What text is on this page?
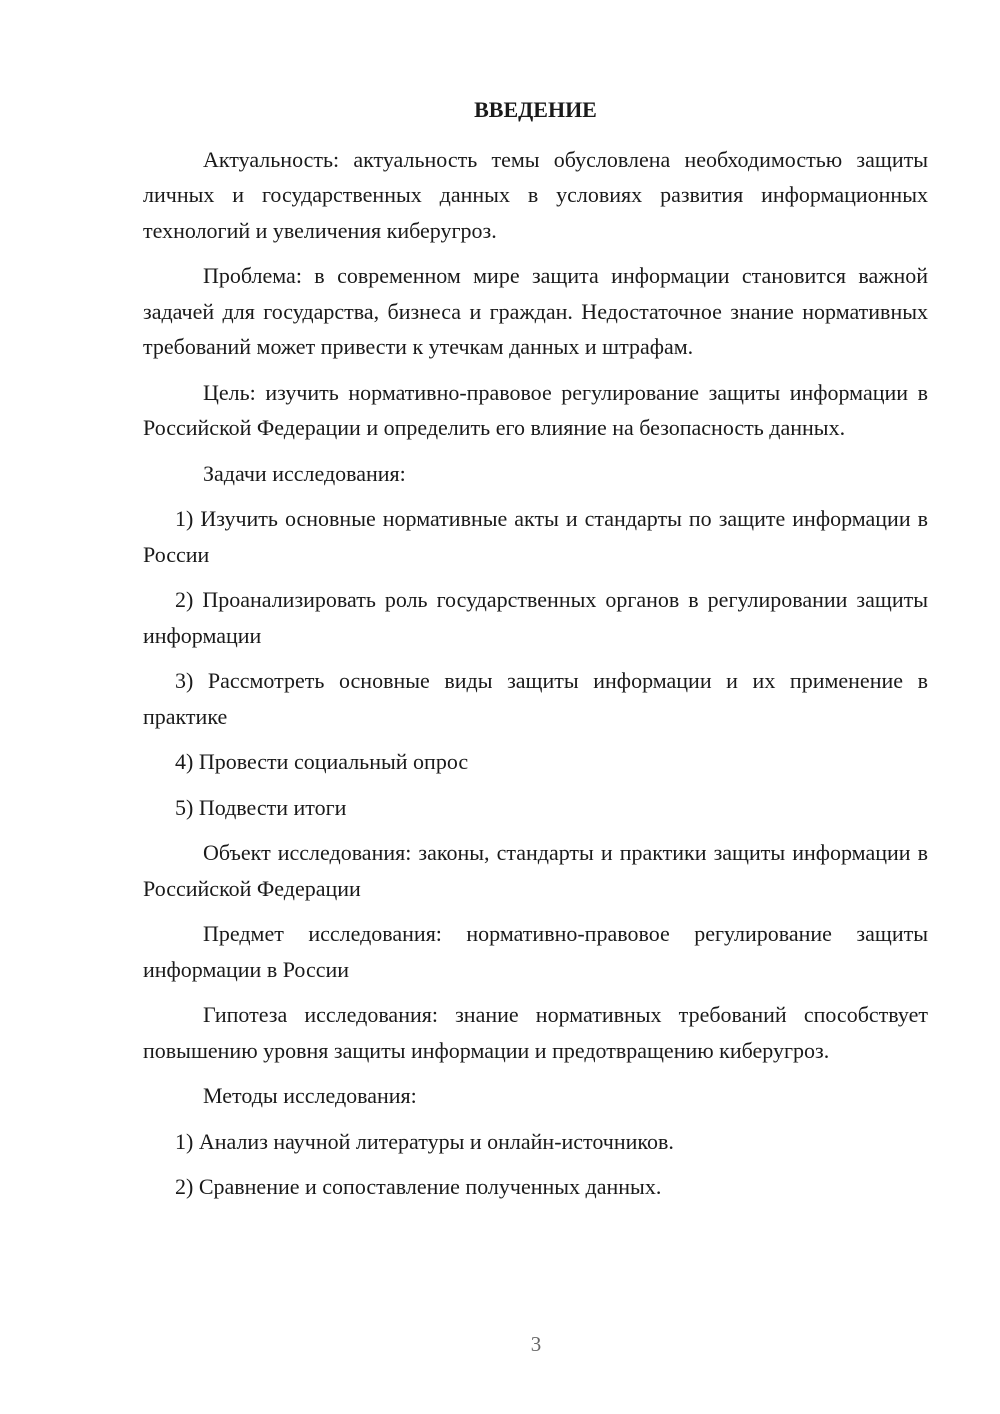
ВВЕДЕНИЕ

Актуальность: актуальность темы обусловлена необходимостью защиты личных и государственных данных в условиях развития информационных технологий и увеличения киберугроз.

Проблема: в современном мире защита информации становится важной задачей для государства, бизнеса и граждан. Недостаточное знание нормативных требований может привести к утечкам данных и штрафам.

Цель: изучить нормативно-правовое регулирование защиты информации в Российской Федерации и определить его влияние на безопасность данных.

Задачи исследования:

1) Изучить основные нормативные акты и стандарты по защите информации в России

2) Проанализировать роль государственных органов в регулировании защиты информации

3) Рассмотреть основные виды защиты информации и их применение в практике

4) Провести социальный опрос

5) Подвести итоги

Объект исследования: законы, стандарты и практики защиты информации в Российской Федерации

Предмет исследования: нормативно-правовое регулирование защиты информации в России

Гипотеза исследования: знание нормативных требований способствует повышению уровня защиты информации и предотвращению киберугроз.

Методы исследования:

1) Анализ научной литературы и онлайн-источников.

2) Сравнение и сопоставление полученных данных.

3
